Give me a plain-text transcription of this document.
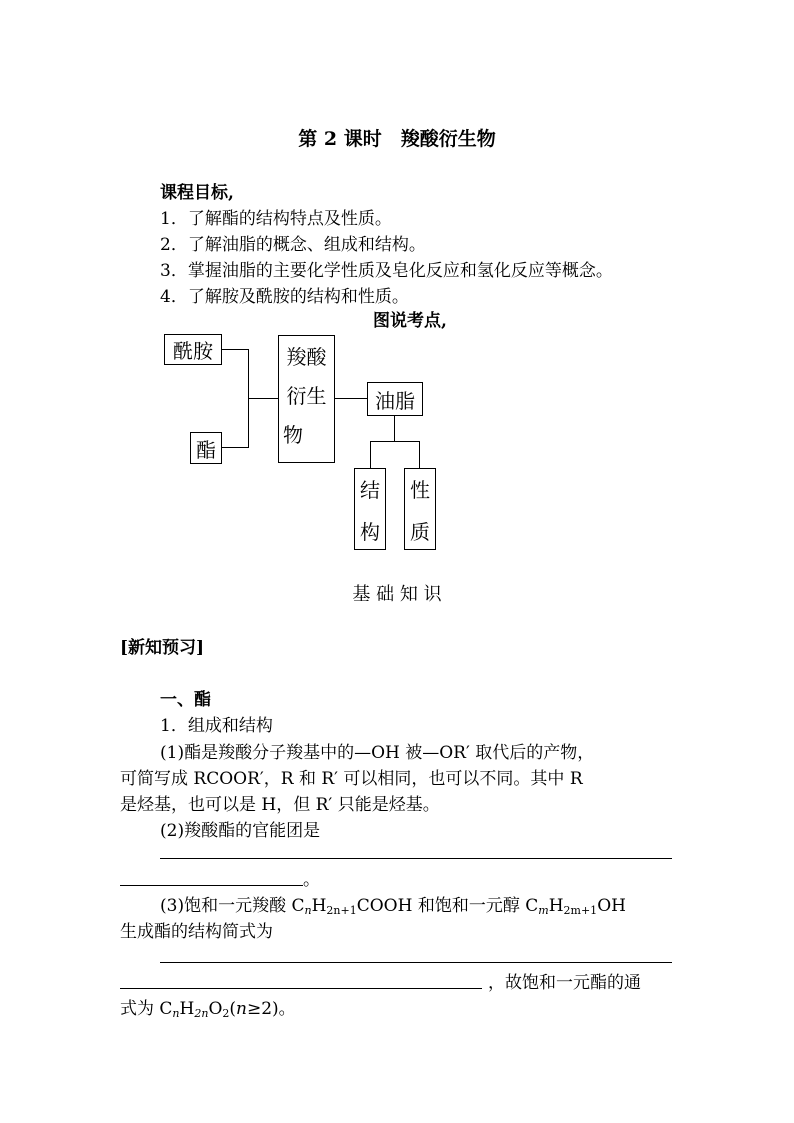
第 2 课时　羧酸衍生物
课程目标,
1．了解酯的结构特点及性质。
2．了解油脂的概念、组成和结构。
3．掌握油脂的主要化学性质及皂化反应和氢化反应等概念。
4．了解胺及酰胺的结构和性质。
图说考点,
酰胺
酯
羧酸
衍生
物
油脂
结
构
性
质
基 础 知 识
[新知预习]
一、酯
1．组成和结构
(1)酯是羧酸分子羧基中的—OH 被—OR′ 取代后的产物，
可简写成 RCOOR′，R 和 R′ 可以相同，也可以不同。其中 R
是烃基，也可以是 H，但 R′ 只能是烃基。
(2)羧酸酯的官能团是
。
(3)饱和一元羧酸 $C_nH_{2n+1}COOH$ 和饱和一元醇 $C_mH_{2m+1}OH$
生成酯的结构简式为
，故饱和一元酯的通
式为 $C_nH_{2n}O_2(n\ge 2)$。
